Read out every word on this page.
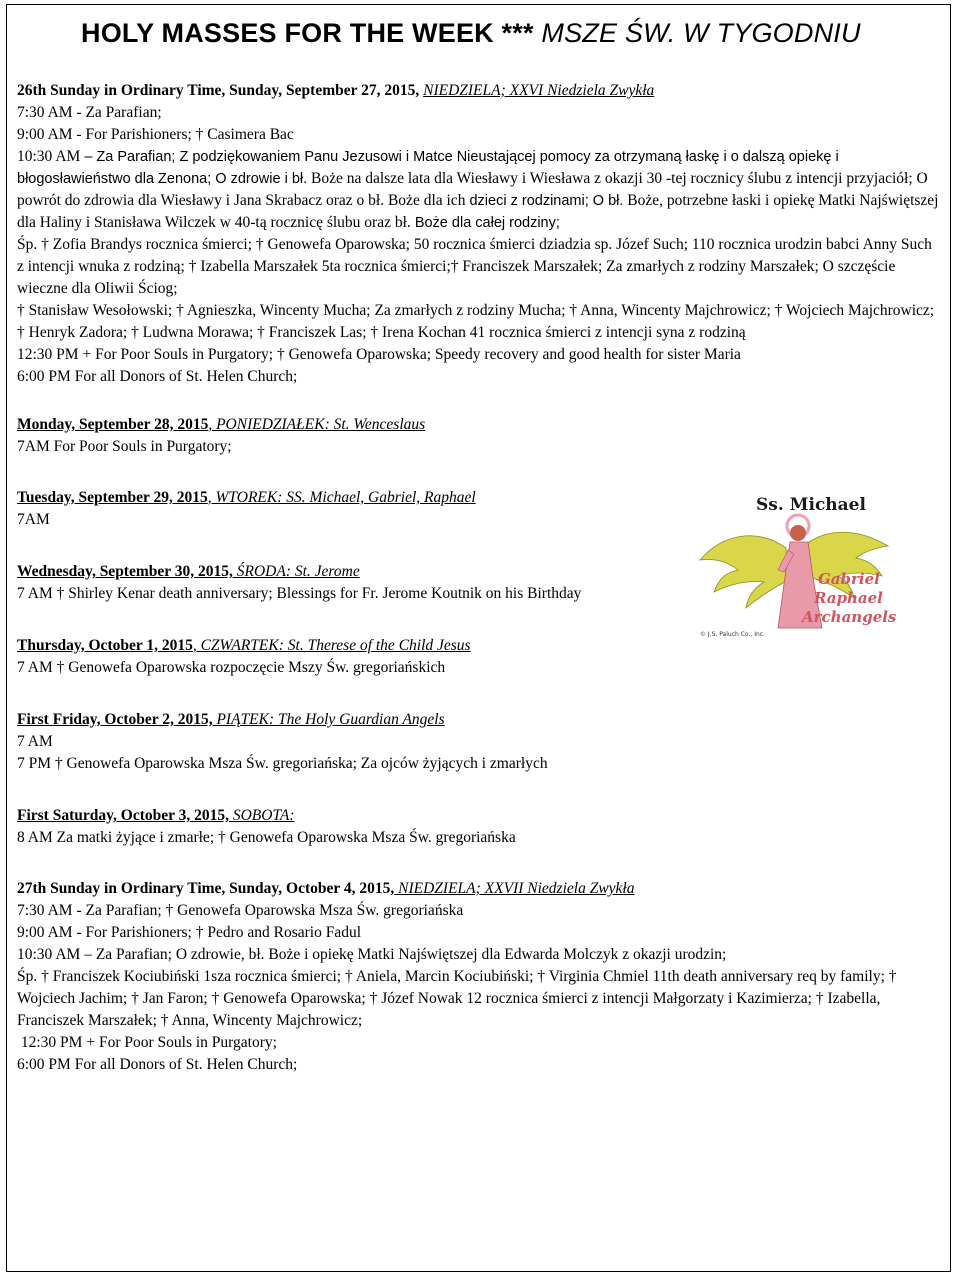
HOLY MASSES FOR THE WEEK *** MSZE ŚW. W TYGODNIU

26th Sunday in Ordinary Time, Sunday, September 27, 2015, NIEDZIELA; XXVI Niedziela Zwykła

7:30 AM - Za Parafian;

9:00 AM - For Parishioners; † Casimera Bac

10:30 AM – Za Parafian; Z podziękowaniem Panu Jezusowi i Matce Nieustającej pomocy za otrzymaną łaskę i o dalszą opiekę i błogosławieństwo dla Zenona; O zdrowie i bł. Boże na dalsze lata dla Wiesławy i Wiesława z okazji 30 -tej rocznicy ślubu z intencji przyjaciół; O powrót do zdrowia dla Wiesławy i Jana Skrabacz oraz o bł. Boże dla ich dzieci z rodzinami; O bł. Boże, potrzebne łaski i opiekę Matki Najświętszej dla Haliny i Stanisława Wilczek w 40-tą rocznicę ślubu oraz bł. Boże dla całej rodziny;

Śp. † Zofia Brandys rocznica śmierci; † Genowefa Oparowska; 50 rocznica śmierci dziadzia sp. Józef Such; 110 rocznica urodzin babci Anny Such z intencji wnuka z rodziną; † Izabella Marszałek 5ta rocznica śmierci;† Franciszek Marszałek; Za zmarłych z rodziny Marszałek; O szczęście wieczne dla Oliwii Ściog;

† Stanisław Wesołowski; † Agnieszka, Wincenty Mucha; Za zmarłych z rodziny Mucha; † Anna, Wincenty Majchrowicz; † Wojciech Majchrowicz; † Henryk Zadora; † Ludwna Morawa; † Franciszek Las; † Irena Kochan 41 rocznica śmierci z intencji syna z rodziną

12:30 PM + For Poor Souls in Purgatory; † Genowefa Oparowska; Speedy recovery and good health for sister Maria

6:00 PM For all Donors of St. Helen Church;

Monday, September 28, 2015, PONIEDZIAŁEK: St. Wenceslaus

7AM For Poor Souls in Purgatory;

Tuesday, September 29, 2015, WTOREK: SS. Michael, Gabriel, Raphael

7AM

Wednesday, September 30, 2015, ŚRODA: St. Jerome

7 AM † Shirley Kenar death anniversary; Blessings for Fr. Jerome Koutnik on his Birthday

Thursday, October 1, 2015, CZWARTEK: St. Therese of the Child Jesus

7 AM † Genowefa Oparowska rozpoczęcie Mszy Św. gregoriańskich

First Friday, October 2, 2015, PIĄTEK: The Holy Guardian Angels

7 AM

7 PM † Genowefa Oparowska Msza Św. gregoriańska; Za ojców żyjących i zmarłych

First Saturday, October 3, 2015, SOBOTA:

8 AM Za matki żyjące i zmarłe; † Genowefa Oparowska Msza Św. gregoriańska

27th Sunday in Ordinary Time, Sunday, October 4, 2015, NIEDZIELA; XXVII Niedziela Zwykła

7:30 AM - Za Parafian; † Genowefa Oparowska Msza Św. gregoriańska

9:00 AM - For Parishioners; † Pedro and Rosario Fadul

10:30 AM – Za Parafian; O zdrowie, bł. Boże i opiekę Matki Najświętszej dla Edwarda Molczyk z okazji urodzin;

Śp. † Franciszek Kociubiński 1sza rocznica śmierci; † Aniela, Marcin Kociubiński; † Virginia Chmiel 11th death anniversary req by family; † Wojciech Jachim; † Jan Faron; † Genowefa Oparowska; † Józef Nowak 12 rocznica śmierci z intencji Małgorzaty i Kazimierza; † Izabella, Franciszek Marszałek; † Anna, Wincenty Majchrowicz;

12:30 PM + For Poor Souls in Purgatory;

6:00 PM For all Donors of St. Helen Church;

Ss. Michael
Gabriel
Raphael
Archangels
© J.S. Paluch Co., Inc.
